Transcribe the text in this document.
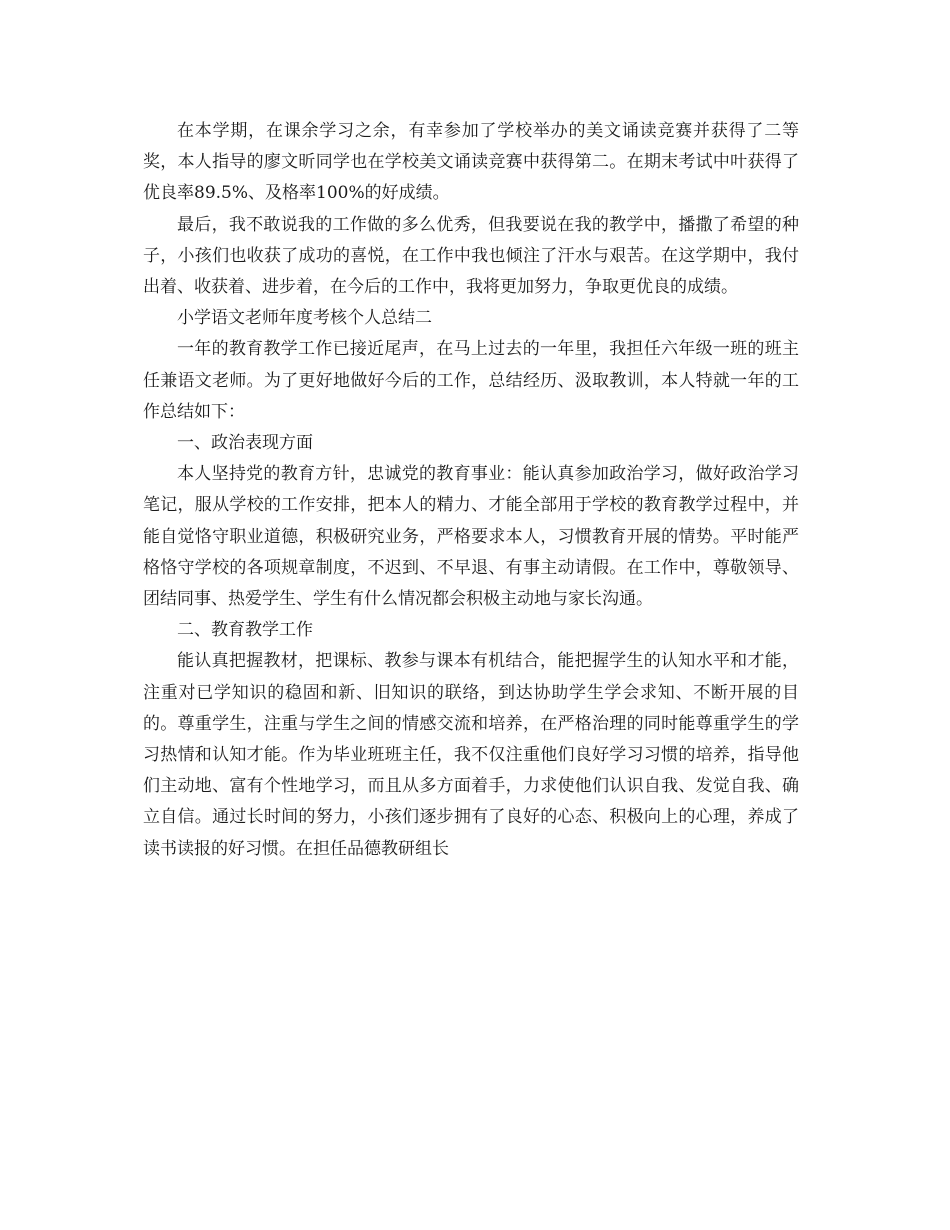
在本学期，在课余学习之余，有幸参加了学校举办的美文诵读竞赛并获得了二等奖，本人指导的廖文昕同学也在学校美文诵读竞赛中获得第二。在期末考试中叶获得了优良率89.5%、及格率100%的好成绩。

最后，我不敢说我的工作做的多么优秀，但我要说在我的教学中，播撒了希望的种子，小孩们也收获了成功的喜悦，在工作中我也倾注了汗水与艰苦。在这学期中，我付出着、收获着、进步着，在今后的工作中，我将更加努力，争取更优良的成绩。

小学语文老师年度考核个人总结二

一年的教育教学工作已接近尾声，在马上过去的一年里，我担任六年级一班的班主任兼语文老师。为了更好地做好今后的工作，总结经历、汲取教训，本人特就一年的工作总结如下：

一、政治表现方面

本人坚持党的教育方针，忠诚党的教育事业：能认真参加政治学习，做好政治学习笔记，服从学校的工作安排，把本人的精力、才能全部用于学校的教育教学过程中，并能自觉恪守职业道德，积极研究业务，严格要求本人，习惯教育开展的情势。平时能严格恪守学校的各项规章制度，不迟到、不早退、有事主动请假。在工作中，尊敬领导、团结同事、热爱学生、学生有什么情况都会积极主动地与家长沟通。

二、教育教学工作

能认真把握教材，把课标、教参与课本有机结合，能把握学生的认知水平和才能，注重对已学知识的稳固和新、旧知识的联络，到达协助学生学会求知、不断开展的目的。尊重学生，注重与学生之间的情感交流和培养，在严格治理的同时能尊重学生的学习热情和认知才能。作为毕业班班主任，我不仅注重他们良好学习习惯的培养，指导他们主动地、富有个性地学习，而且从多方面着手，力求使他们认识自我、发觉自我、确立自信。通过长时间的努力，小孩们逐步拥有了良好的心态、积极向上的心理，养成了读书读报的好习惯。在担任品德教研组长
